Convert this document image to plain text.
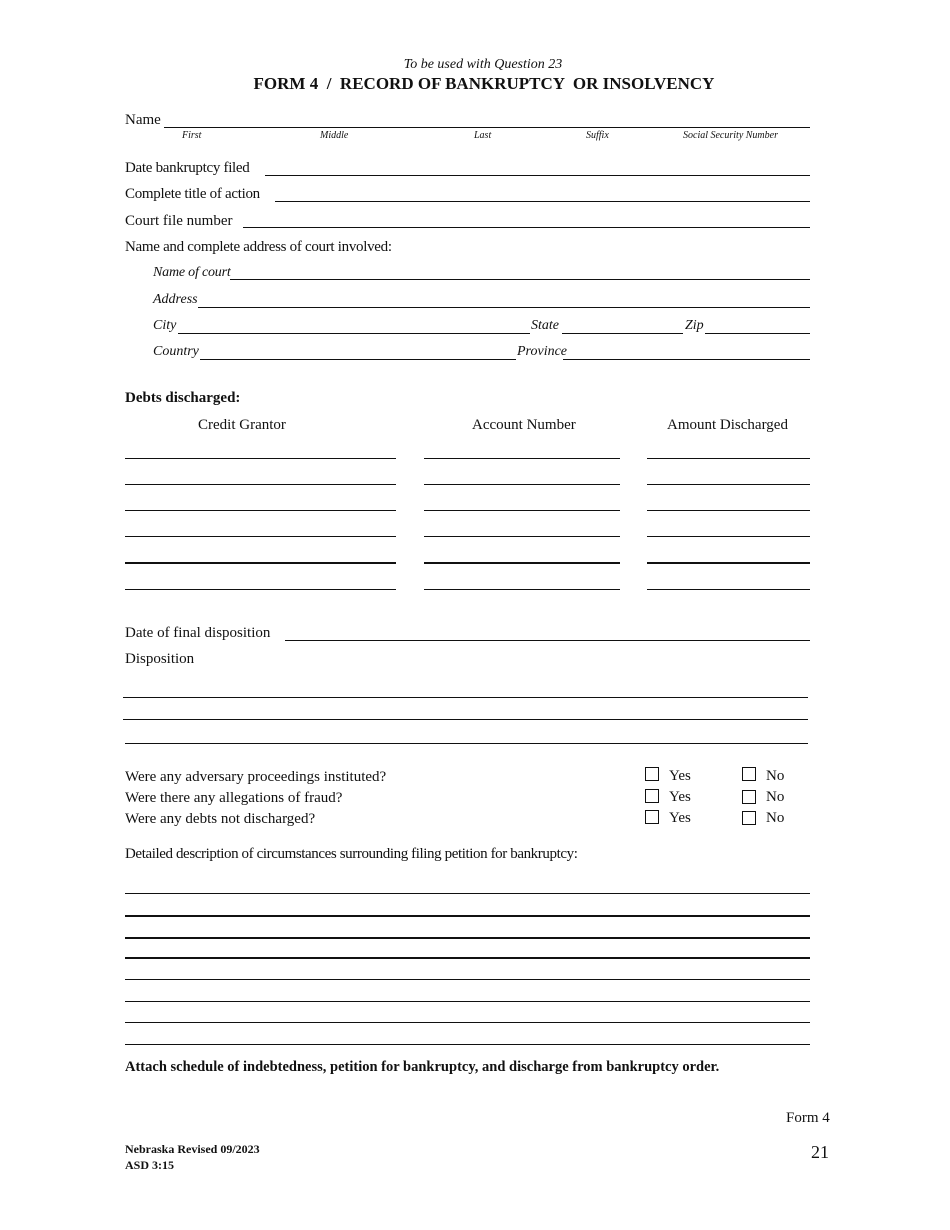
To be used with Question 23
FORM 4  /  RECORD OF BANKRUPTCY  OR INSOLVENCY
Name
First	Middle	Last	Suffix	Social Security Number
Date bankruptcy filed
Complete title of action
Court file number
Name and complete address of court involved:
Name of court
Address
City	State	Zip
Country	Province
Debts discharged:
Credit Grantor	Account Number	Amount Discharged
Date of final disposition
Disposition
Were any adversary proceedings instituted?	Yes	No
Were there any allegations of fraud?	Yes	No
Were any debts not discharged?	Yes	No
Detailed description of circumstances surrounding filing petition for bankruptcy:
Attach schedule of indebtedness, petition for bankruptcy, and discharge from bankruptcy order.
Form 4
21
Nebraska Revised 09/2023
ASD 3:15
